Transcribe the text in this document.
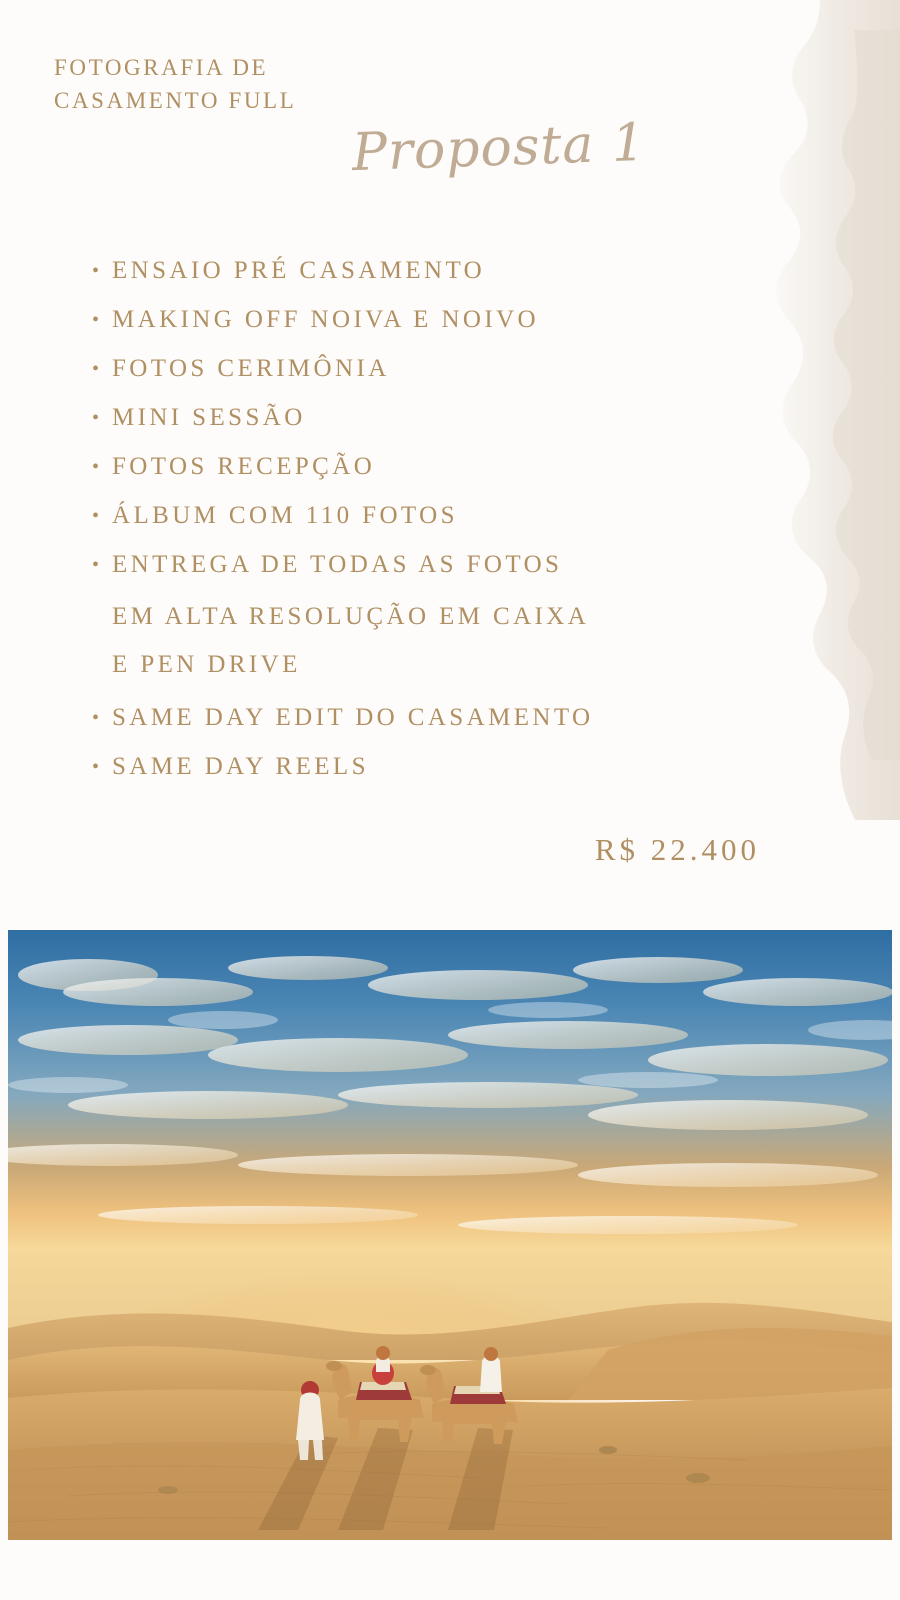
FOTOGRAFIA DE
CASAMENTO FULL
Proposta 1
• ENSAIO PRÉ CASAMENTO
• MAKING OFF NOIVA E NOIVO
• FOTOS CERIMÔNIA
• MINI SESSÃO
• FOTOS RECEPÇÃO
• ÁLBUM COM 110 FOTOS
• ENTREGA DE TODAS AS FOTOS
EM ALTA RESOLUÇÃO EM CAIXA
E PEN DRIVE
• SAME DAY EDIT DO CASAMENTO
• SAME DAY REELS
R$ 22.400
